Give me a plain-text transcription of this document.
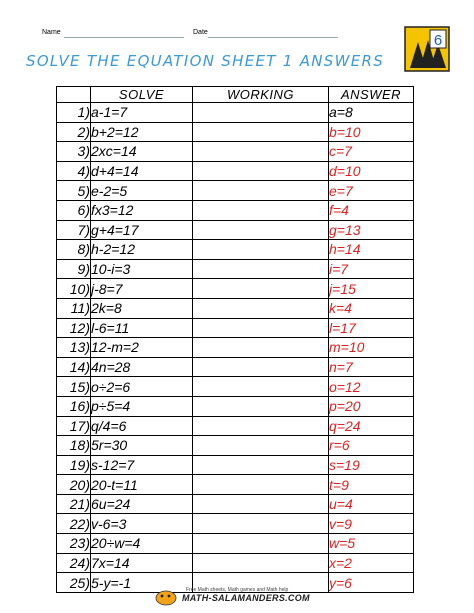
Name	Date
SOLVE THE EQUATION SHEET 1 ANSWERS
6
	SOLVE	WORKING	ANSWER
1)	a-1=7		a=8
2)	b+2=12		b=10
3)	2xc=14		c=7
4)	d+4=14		d=10
5)	e-2=5		e=7
6)	fx3=12		f=4
7)	g+4=17		g=13
8)	h-2=12		h=14
9)	10-i=3		i=7
10)	j-8=7		j=15
11)	2k=8		k=4
12)	l-6=11		l=17
13)	12-m=2		m=10
14)	4n=28		n=7
15)	o÷2=6		o=12
16)	p÷5=4		p=20
17)	q/4=6		q=24
18)	5r=30		r=6
19)	s-12=7		s=19
20)	20-t=11		t=9
21)	6u=24		u=4
22)	v-6=3		v=9
23)	20÷w=4		w=5
24)	7x=14		x=2
25)	5-y=-1		y=6
Free Math sheets, Math games and Math help
MATH-SALAMANDERS.COM
